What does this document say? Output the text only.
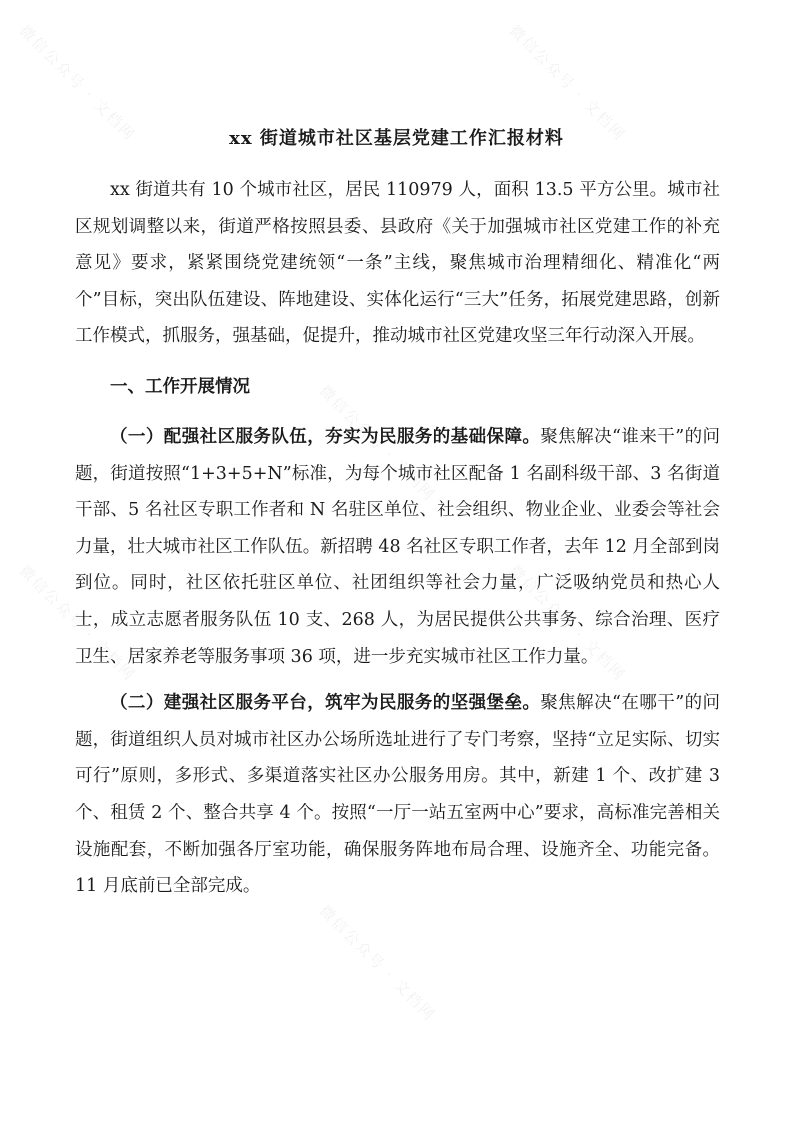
微信公众号 · 文档网	微信公众号 · 文档网
微信公众号 · 文档网
微信公众号 · 文档网	微信公众号 · 文档网
微信公众号 · 文档网
xx 街道城市社区基层党建工作汇报材料

xx 街道共有 10 个城市社区，居民 110979 人，面积 13.5 平方公里。城市社区规划调整以来，街道严格按照县委、县政府《关于加强城市社区党建工作的补充意见》要求，紧紧围绕党建统领“一条”主线，聚焦城市治理精细化、精准化“两个”目标，突出队伍建设、阵地建设、实体化运行“三大”任务，拓展党建思路，创新工作模式，抓服务，强基础，促提升，推动城市社区党建攻坚三年行动深入开展。

一、工作开展情况

（一）配强社区服务队伍，夯实为民服务的基础保障。聚焦解决“谁来干”的问题，街道按照“1+3+5+N”标准，为每个城市社区配备 1 名副科级干部、3 名街道干部、5 名社区专职工作者和 N 名驻区单位、社会组织、物业企业、业委会等社会力量，壮大城市社区工作队伍。新招聘 48 名社区专职工作者，去年 12 月全部到岗到位。同时，社区依托驻区单位、社团组织等社会力量，广泛吸纳党员和热心人士，成立志愿者服务队伍 10 支、268 人，为居民提供公共事务、综合治理、医疗卫生、居家养老等服务事项 36 项，进一步充实城市社区工作力量。

（二）建强社区服务平台，筑牢为民服务的坚强堡垒。聚焦解决“在哪干”的问题，街道组织人员对城市社区办公场所选址进行了专门考察，坚持“立足实际、切实可行”原则，多形式、多渠道落实社区办公服务用房。其中，新建 1 个、改扩建 3 个、租赁 2 个、整合共享 4 个。按照“一厅一站五室两中心”要求，高标准完善相关设施配套，不断加强各厅室功能，确保服务阵地布局合理、设施齐全、功能完备。11 月底前已全部完成。
